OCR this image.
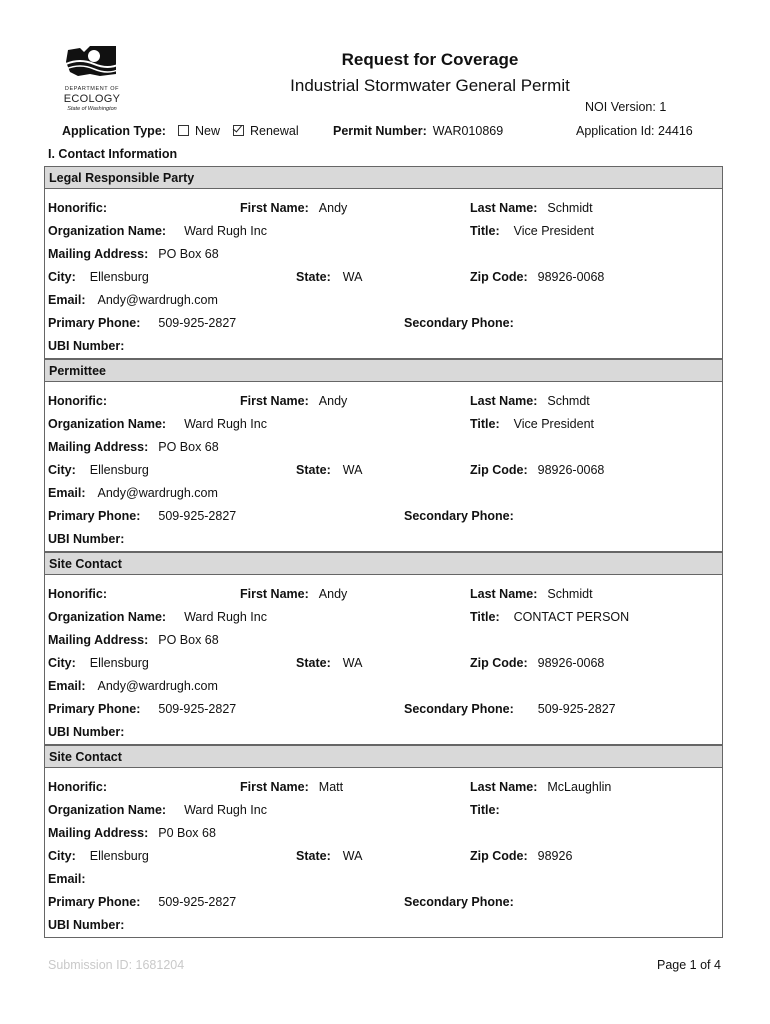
DEPARTMENT OF
ECOLOGY
State of Washington
Request for Coverage
Industrial Stormwater General Permit
NOI Version: 1
Application Type:	New	Renewal	Permit Number: WAR010869	Application Id: 24416
I. Contact Information
Legal Responsible Party
Honorific:	First Name: Andy	Last Name: Schmidt
Organization Name: Ward Rugh Inc	Title: Vice President
Mailing Address: PO Box 68
City: Ellensburg	State: WA	Zip Code: 98926-0068
Email: Andy@wardrugh.com
Primary Phone: 509-925-2827	Secondary Phone:
UBI Number:
Permittee
Honorific:	First Name: Andy	Last Name: Schmdt
Organization Name: Ward Rugh Inc	Title: Vice President
Mailing Address: PO Box 68
City: Ellensburg	State: WA	Zip Code: 98926-0068
Email: Andy@wardrugh.com
Primary Phone: 509-925-2827	Secondary Phone:
UBI Number:
Site Contact
Honorific:	First Name: Andy	Last Name: Schmidt
Organization Name: Ward Rugh Inc	Title: CONTACT PERSON
Mailing Address: PO Box 68
City: Ellensburg	State: WA	Zip Code: 98926-0068
Email: Andy@wardrugh.com
Primary Phone: 509-925-2827	Secondary Phone: 509-925-2827
UBI Number:
Site Contact
Honorific:	First Name: Matt	Last Name: McLaughlin
Organization Name: Ward Rugh Inc	Title:
Mailing Address: P0 Box 68
City: Ellensburg	State: WA	Zip Code: 98926
Email:
Primary Phone: 509-925-2827	Secondary Phone:
UBI Number:
Submission ID: 1681204	Page 1 of 4
